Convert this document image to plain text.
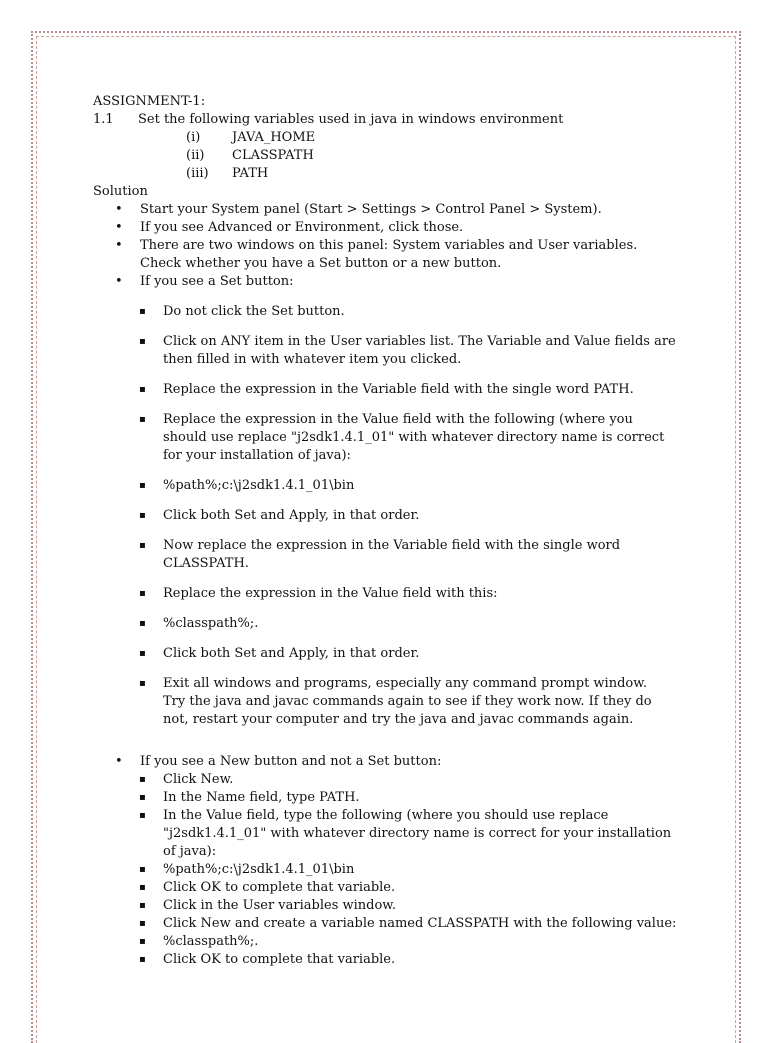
ASSIGNMENT-1:

1.1	Set the following variables used in java in windows environment
(i)	JAVA_HOME
(ii)	CLASSPATH
(iii)	PATH

Solution

• Start your System panel (Start > Settings > Control Panel > System).
• If you see Advanced or Environment, click those.
• There are two windows on this panel: System variables and User variables. Check whether you have a Set button or a new button.
• If you see a Set button:
▪ Do not click the Set button.
▪ Click on ANY item in the User variables list. The Variable and Value fields are then filled in with whatever item you clicked.
▪ Replace the expression in the Variable field with the single word PATH.
▪ Replace the expression in the Value field with the following (where you should use replace "j2sdk1.4.1_01" with whatever directory name is correct for your installation of java):
▪ %path%;c:\j2sdk1.4.1_01\bin
▪ Click both Set and Apply, in that order.
▪ Now replace the expression in the Variable field with the single word CLASSPATH.
▪ Replace the expression in the Value field with this:
▪ %classpath%;.
▪ Click both Set and Apply, in that order.
▪ Exit all windows and programs, especially any command prompt window. Try the java and javac commands again to see if they work now. If they do not, restart your computer and try the java and javac commands again.
• If you see a New button and not a Set button:
▪ Click New.
▪ In the Name field, type PATH.
▪ In the Value field, type the following (where you should use replace "j2sdk1.4.1_01" with whatever directory name is correct for your installation of java):
▪ %path%;c:\j2sdk1.4.1_01\bin
▪ Click OK to complete that variable.
▪ Click in the User variables window.
▪ Click New and create a variable named CLASSPATH with the following value:
▪ %classpath%;.
▪ Click OK to complete that variable.
